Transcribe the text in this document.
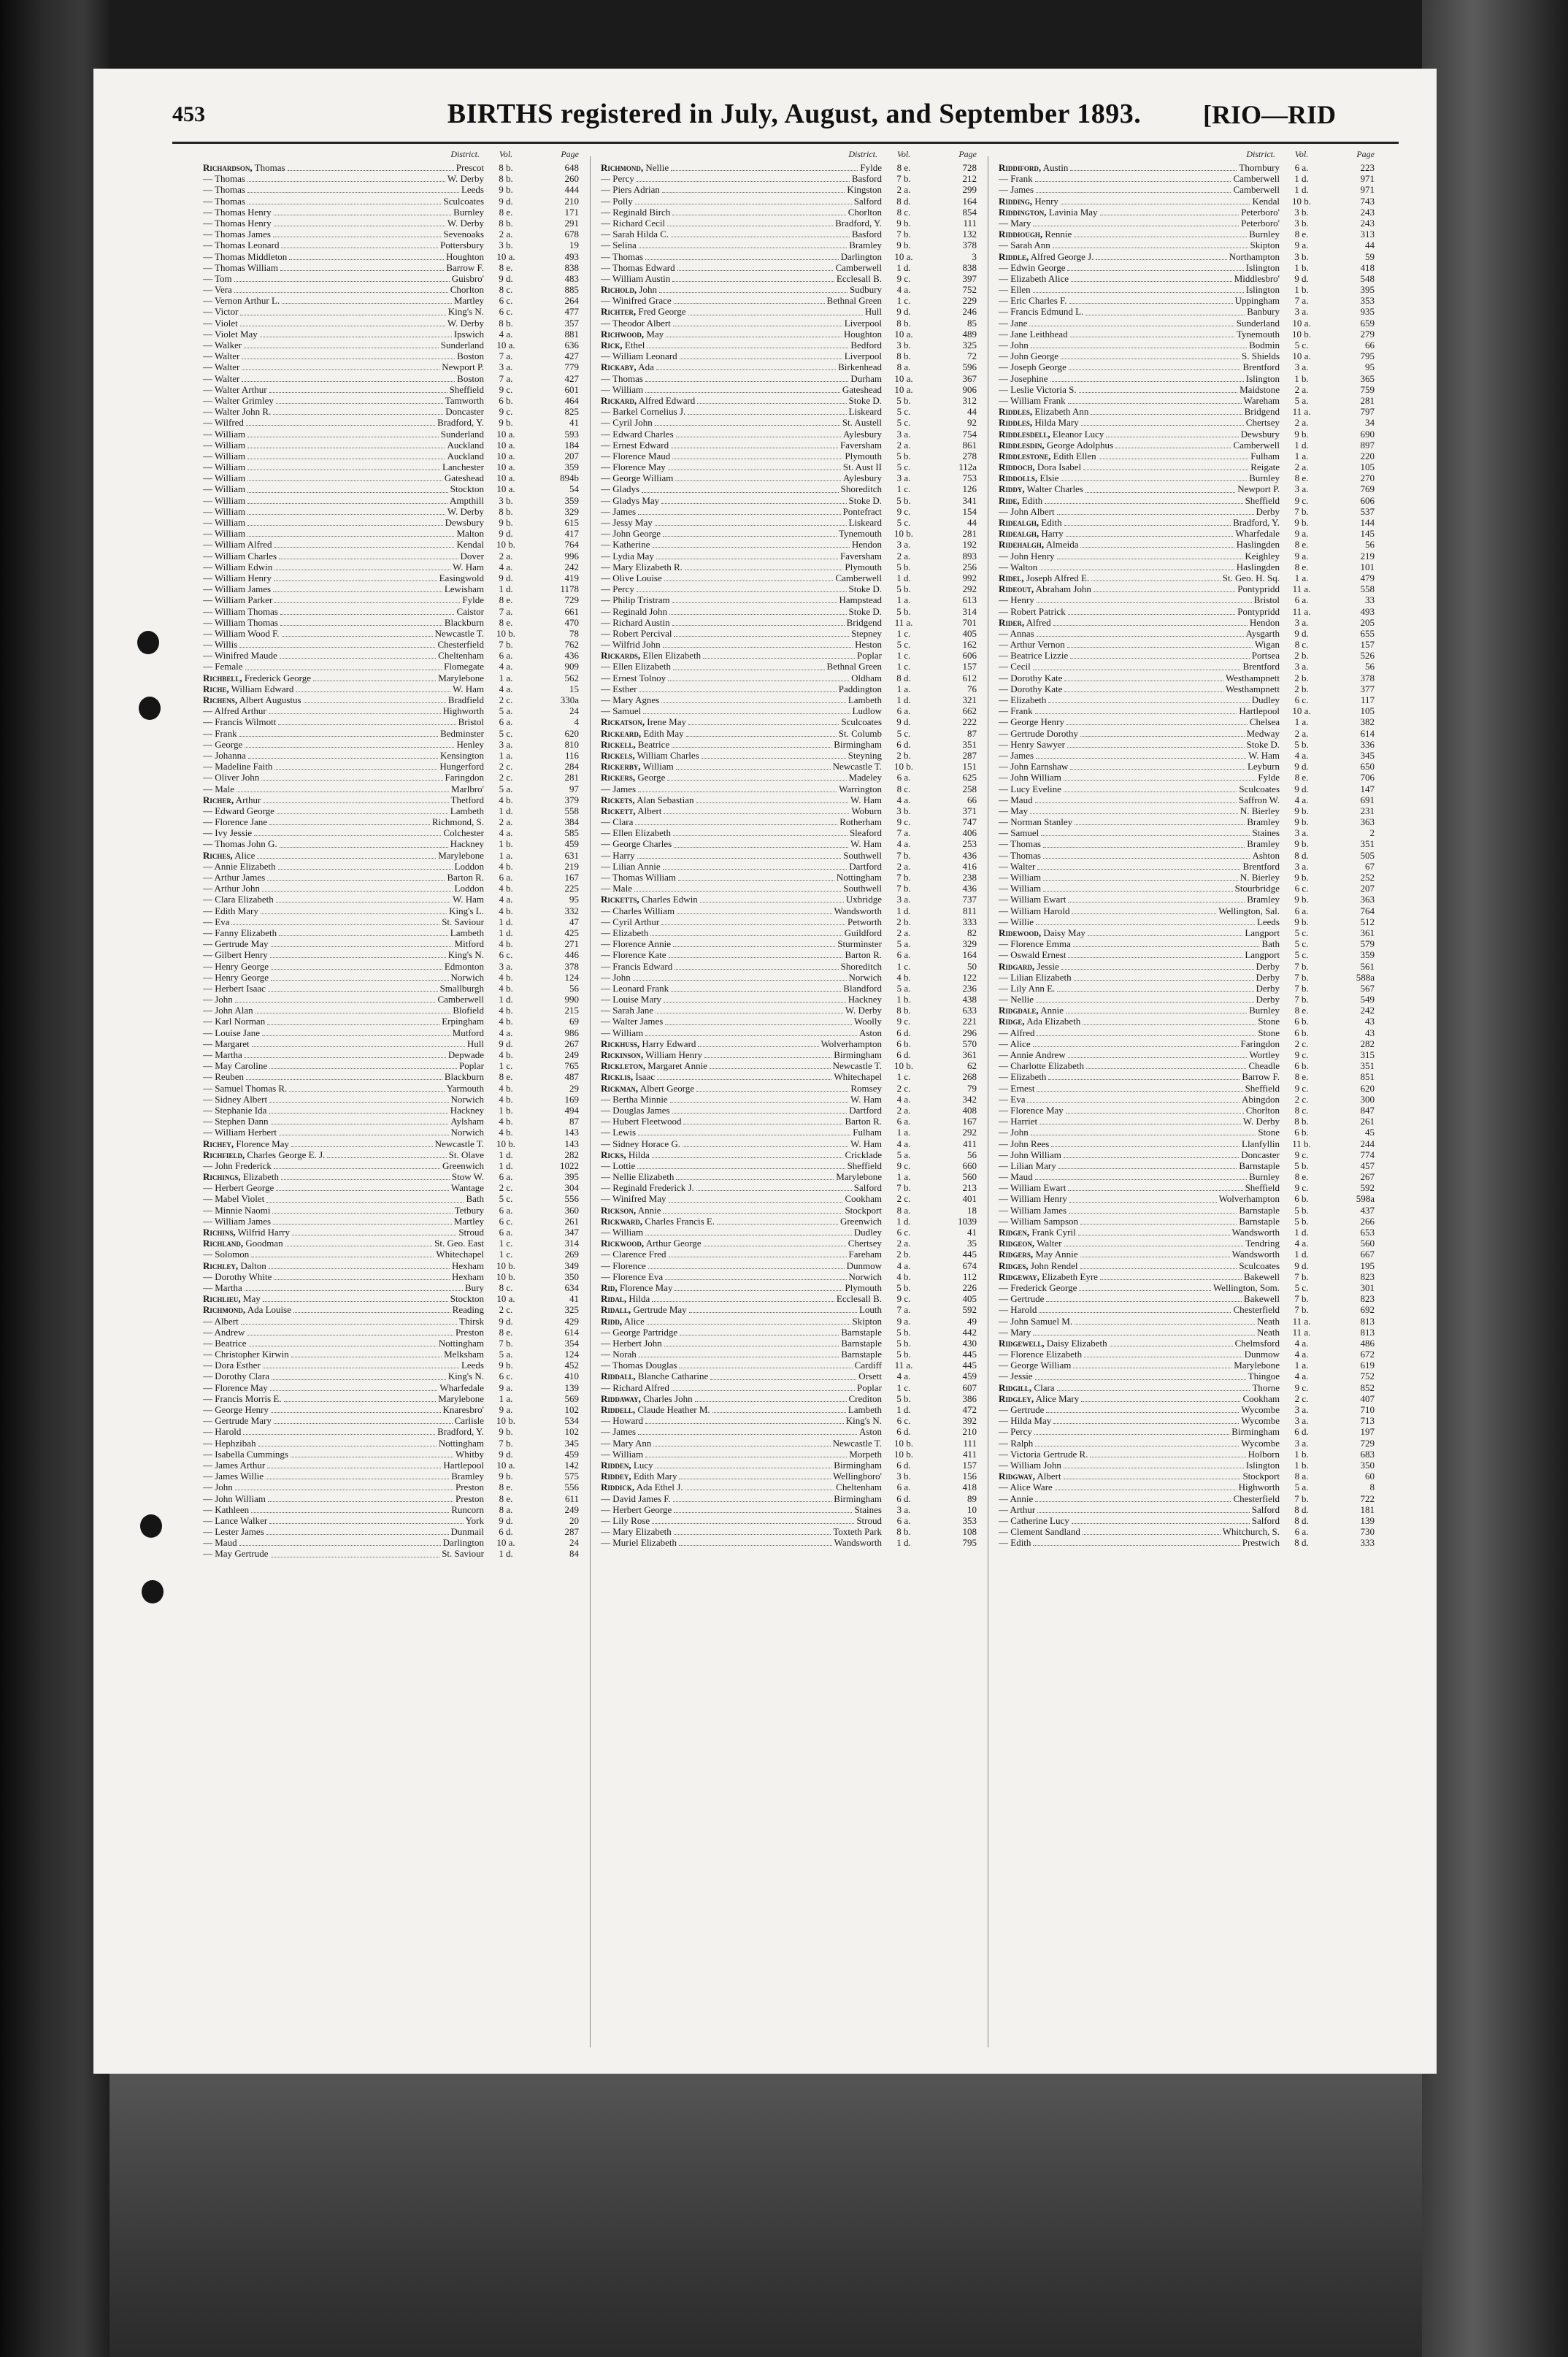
453	BIRTHS registered in July, August, and September 1893.	[RIO—RID
District.	Vol.	Page
Richardson, Thomas	Prescot	8 b.	648
— Thomas	W. Derby	8 b.	260
— Thomas	Leeds	9 b.	444
— Thomas	Sculcoates	9 d.	210
— Thomas Henry	Burnley	8 e.	171
— Thomas Henry	W. Derby	8 b.	291
— Thomas James	Sevenoaks	2 a.	678
— Thomas Leonard	Pottersbury	3 b.	19
— Thomas Middleton	Houghton	10 a.	493
— Thomas William	Barrow F.	8 e.	838
— Tom	Guisbro'	9 d.	483
— Vera	Chorlton	8 c.	885
— Vernon Arthur L.	Martley	6 c.	264
— Victor	King's N.	6 c.	477
— Violet	W. Derby	8 b.	357
— Violet May	Ipswich	4 a.	881
— Walker	Sunderland	10 a.	636
— Walter	Boston	7 a.	427
— Walter	Newport P.	3 a.	779
— Walter	Boston	7 a.	427
— Walter Arthur	Sheffield	9 c.	601
— Walter Grimley	Tamworth	6 b.	464
— Walter John R.	Doncaster	9 c.	825
— Wilfred	Bradford, Y.	9 b.	41
— William	Sunderland	10 a.	593
— William	Auckland	10 a.	184
— William	Auckland	10 a.	207
— William	Lanchester	10 a.	359
— William	Gateshead	10 a.	894b
— William	Stockton	10 a.	54
— William	Ampthill	3 b.	359
— William	W. Derby	8 b.	329
— William	Dewsbury	9 b.	615
— William	Malton	9 d.	417
— William Alfred	Kendal	10 b.	764
— William Charles	Dover	2 a.	996
— William Edwin	W. Ham	4 a.	242
— William Henry	Easingwold	9 d.	419
— William James	Lewisham	1 d.	1178
— William Parker	Fylde	8 e.	729
— William Thomas	Caistor	7 a.	661
— William Thomas	Blackburn	8 e.	470
— William Wood F.	Newcastle T.	10 b.	78
— Willis	Chesterfield	7 b.	762
— Winifred Maude	Cheltenham	6 a.	436
— Female	Flomegate	4 a.	909
Richbell, Frederick George	Marylebone	1 a.	562
Riche, William Edward	W. Ham	4 a.	15
Richens, Albert Augustus	Bradfield	2 c.	330a
— Alfred Arthur	Highworth	5 a.	24
— Francis Wilmott	Bristol	6 a.	4
— Frank	Bedminster	5 c.	620
— George	Henley	3 a.	810
— Johanna	Kensington	1 a.	116
— Madeline Faith	Hungerford	2 c.	284
— Oliver John	Faringdon	2 c.	281
— Male	Marlbro'	5 a.	97
Richer, Arthur	Thetford	4 b.	379
— Edward George	Lambeth	1 d.	558
— Florence Jane	Richmond, S.	2 a.	384
— Ivy Jessie	Colchester	4 a.	585
— Thomas John G.	Hackney	1 b.	459
Riches, Alice	Marylebone	1 a.	631
— Annie Elizabeth	Loddon	4 b.	219
— Arthur James	Barton R.	6 a.	167
— Arthur John	Loddon	4 b.	225
— Clara Elizabeth	W. Ham	4 a.	95
— Edith Mary	King's L.	4 b.	332
— Eva	St. Saviour	1 d.	47
— Fanny Elizabeth	Lambeth	1 d.	425
— Gertrude May	Mitford	4 b.	271
— Gilbert Henry	King's N.	6 c.	446
— Henry George	Edmonton	3 a.	378
— Henry George	Norwich	4 b.	124
— Herbert Isaac	Smallburgh	4 b.	56
— John	Camberwell	1 d.	990
— John Alan	Blofield	4 b.	215
— Karl Norman	Erpingham	4 b.	69
— Louise Jane	Mutford	4 a.	986
— Margaret	Hull	9 d.	267
— Martha	Depwade	4 b.	249
— May Caroline	Poplar	1 c.	765
— Reuben	Blackburn	8 e.	487
— Samuel Thomas R.	Yarmouth	4 b.	29
— Sidney Albert	Norwich	4 b.	169
— Stephanie Ida	Hackney	1 b.	494
— Stephen Dann	Aylsham	4 b.	87
— William Herbert	Norwich	4 b.	143
Richey, Florence May	Newcastle T.	10 b.	143
Richfield, Charles George E. J.	St. Olave	1 d.	282
— John Frederick	Greenwich	1 d.	1022
Richings, Elizabeth	Stow W.	6 a.	395
— Herbert George	Wantage	2 c.	304
— Mabel Violet	Bath	5 c.	556
— Minnie Naomi	Tetbury	6 a.	360
— William James	Martley	6 c.	261
Richins, Wilfrid Harry	Stroud	6 a.	347
Richland, Goodman	St. Geo. East	1 c.	314
— Solomon	Whitechapel	1 c.	269
Richley, Dalton	Hexham	10 b.	349
— Dorothy White	Hexham	10 b.	350
— Martha	Bury	8 c.	634
Richlieu, May	Stockton	10 a.	41
Richmond, Ada Louise	Reading	2 c.	325
— Albert	Thirsk	9 d.	429
— Andrew	Preston	8 e.	614
— Beatrice	Nottingham	7 b.	354
— Christopher Kirwin	Melksham	5 a.	124
— Dora Esther	Leeds	9 b.	452
— Dorothy Clara	King's N.	6 c.	410
— Florence May	Wharfedale	9 a.	139
— Francis Morris E.	Marylebone	1 a.	569
— George Henry	Knaresbro'	9 a.	102
— Gertrude Mary	Carlisle	10 b.	534
— Harold	Bradford, Y.	9 b.	102
— Hephzibah	Nottingham	7 b.	345
— Isabella Cummings	Whitby	9 d.	459
— James Arthur	Hartlepool	10 a.	142
— James Willie	Bramley	9 b.	575
— John	Preston	8 e.	556
— John William	Preston	8 e.	611
— Kathleen	Runcorn	8 a.	249
— Lance Walker	York	9 d.	20
— Lester James	Dunmail	6 d.	287
— Maud	Darlington	10 a.	24
— May Gertrude	St. Saviour	1 d.	84
District.	Vol.	Page
Richmond, Nellie	Fylde	8 e.	728
— Percy	Basford	7 b.	212
— Piers Adrian	Kingston	2 a.	299
— Polly	Salford	8 d.	164
— Reginald Birch	Chorlton	8 c.	854
— Richard Cecil	Bradford, Y.	9 b.	111
— Sarah Hilda C.	Basford	7 b.	132
— Selina	Bramley	9 b.	378
— Thomas	Darlington	10 a.	3
— Thomas Edward	Camberwell	1 d.	838
— William Austin	Ecclesall B.	9 c.	397
Richold, John	Sudbury	4 a.	752
— Winifred Grace	Bethnal Green	1 c.	229
Richter, Fred George	Hull	9 d.	246
— Theodor Albert	Liverpool	8 b.	85
Richwood, May	Houghton	10 a.	489
Rick, Ethel	Bedford	3 b.	325
— William Leonard	Liverpool	8 b.	72
Rickaby, Ada	Birkenhead	8 a.	596
— Thomas	Durham	10 a.	367
— William	Gateshead	10 a.	906
Rickard, Alfred Edward	Stoke D.	5 b.	312
— Barkel Cornelius J.	Liskeard	5 c.	44
— Cyril John	St. Austell	5 c.	92
— Edward Charles	Aylesbury	3 a.	754
— Ernest Edward	Faversham	2 a.	861
— Florence Maud	Plymouth	5 b.	278
— Florence May	St. Aust II	5 c.	112a
— George William	Aylesbury	3 a.	753
— Gladys	Shoreditch	1 c.	126
— Gladys May	Stoke D.	5 b.	341
— James	Pontefract	9 c.	154
— Jessy May	Liskeard	5 c.	44
— John George	Tynemouth	10 b.	281
— Katherine	Hendon	3 a.	192
— Lydia May	Faversham	2 a.	893
— Mary Elizabeth R.	Plymouth	5 b.	256
— Olive Louise	Camberwell	1 d.	992
— Percy	Stoke D.	5 b.	292
— Philip Tristram	Hampstead	1 a.	613
— Reginald John	Stoke D.	5 b.	314
— Richard Austin	Bridgend	11 a.	701
— Robert Percival	Stepney	1 c.	405
— Wilfrid John	Heston	5 c.	162
Rickards, Ellen Elizabeth	Poplar	1 c.	606
— Ellen Elizabeth	Bethnal Green	1 c.	157
— Ernest Tolnoy	Oldham	8 d.	612
— Esther	Paddington	1 a.	76
— Mary Agnes	Lambeth	1 d.	321
— Samuel	Ludlow	6 a.	662
Rickatson, Irene May	Sculcoates	9 d.	222
Rickeard, Edith May	St. Columb	5 c.	87
Rickell, Beatrice	Birmingham	6 d.	351
Rickels, William Charles	Steyning	2 b.	287
Rickerby, William	Newcastle T.	10 b.	151
Rickers, George	Madeley	6 a.	625
— James	Warrington	8 c.	258
Rickets, Alan Sebastian	W. Ham	4 a.	66
Rickett, Albert	Woburn	3 b.	371
— Clara	Rotherham	9 c.	747
— Ellen Elizabeth	Sleaford	7 a.	406
— George Charles	W. Ham	4 a.	253
— Harry	Southwell	7 b.	436
— Lilian Annie	Dartford	2 a.	416
— Thomas William	Nottingham	7 b.	238
— Male	Southwell	7 b.	436
Ricketts, Charles Edwin	Uxbridge	3 a.	737
— Charles William	Wandsworth	1 d.	811
— Cyril Arthur	Petworth	2 b.	333
— Elizabeth	Guildford	2 a.	82
— Florence Annie	Sturminster	5 a.	329
— Florence Kate	Barton R.	6 a.	164
— Francis Edward	Shoreditch	1 c.	50
— John	Norwich	4 b.	122
— Leonard Frank	Blandford	5 a.	236
— Louise Mary	Hackney	1 b.	438
— Sarah Jane	W. Derby	8 b.	633
— Walter James	Woolly	9 c.	221
— William	Aston	6 d.	296
Rickhuss, Harry Edward	Wolverhampton	6 b.	570
Rickinson, William Henry	Birmingham	6 d.	361
Rickleton, Margaret Annie	Newcastle T.	10 b.	62
Ricklis, Isaac	Whitechapel	1 c.	268
Rickman, Albert George	Romsey	2 c.	79
— Bertha Minnie	W. Ham	4 a.	342
— Douglas James	Dartford	2 a.	408
— Hubert Fleetwood	Barton R.	6 a.	167
— Lewis	Fulham	1 a.	292
— Sidney Horace G.	W. Ham	4 a.	411
Ricks, Hilda	Cricklade	5 a.	56
— Lottie	Sheffield	9 c.	660
— Nellie Elizabeth	Marylebone	1 a.	560
— Reginald Frederick J.	Salford	7 b.	213
— Winifred May	Cookham	2 c.	401
Rickson, Annie	Stockport	8 a.	18
Rickward, Charles Francis E.	Greenwich	1 d.	1039
— William	Dudley	6 c.	41
Rickwood, Arthur George	Chertsey	2 a.	35
— Clarence Fred	Fareham	2 b.	445
— Florence	Dunmow	4 a.	674
— Florence Eva	Norwich	4 b.	112
Rid, Florence May	Plymouth	5 b.	226
Ridal, Hilda	Ecclesall B.	9 c.	405
Ridall, Gertrude May	Louth	7 a.	592
Ridd, Alice	Skipton	9 a.	49
— George Partridge	Barnstaple	5 b.	442
— Herbert John	Barnstaple	5 b.	430
— Norah	Barnstaple	5 b.	445
— Thomas Douglas	Cardiff	11 a.	445
Riddall, Blanche Catharine	Orsett	4 a.	459
— Richard Alfred	Poplar	1 c.	607
Riddaway, Charles John	Crediton	5 b.	386
Riddell, Claude Heather M.	Lambeth	1 d.	472
— Howard	King's N.	6 c.	392
— James	Aston	6 d.	210
— Mary Ann	Newcastle T.	10 b.	111
— William	Morpeth	10 b.	411
Ridden, Lucy	Birmingham	6 d.	157
Riddey, Edith Mary	Wellingboro'	3 b.	156
Riddick, Ada Ethel J.	Cheltenham	6 a.	418
— David James F.	Birmingham	6 d.	89
— Herbert George	Staines	3 a.	10
— Lily Rose	Stroud	6 a.	353
— Mary Elizabeth	Toxteth Park	8 b.	108
— Muriel Elizabeth	Wandsworth	1 d.	795
District.	Vol.	Page
Riddiford, Austin	Thornbury	6 a.	223
— Frank	Camberwell	1 d.	971
— James	Camberwell	1 d.	971
Ridding, Henry	Kendal	10 b.	743
Riddington, Lavinia May	Peterboro'	3 b.	243
— Mary	Peterboro'	3 b.	243
Riddiough, Rennie	Burnley	8 e.	313
— Sarah Ann	Skipton	9 a.	44
Riddle, Alfred George J.	Northampton	3 b.	59
— Edwin George	Islington	1 b.	418
— Elizabeth Alice	Middlesbro'	9 d.	548
— Ellen	Islington	1 b.	395
— Eric Charles F.	Uppingham	7 a.	353
— Francis Edmund L.	Banbury	3 a.	935
— Jane	Sunderland	10 a.	659
— Jane Leithhead	Tynemouth	10 b.	279
— John	Bodmin	5 c.	66
— John George	S. Shields	10 a.	795
— Joseph George	Brentford	3 a.	95
— Josephine	Islington	1 b.	365
— Leslie Victoria S.	Maidstone	2 a.	759
— William Frank	Wareham	5 a.	281
Riddles, Elizabeth Ann	Bridgend	11 a.	797
Riddles, Hilda Mary	Chertsey	2 a.	34
Riddlesdell, Eleanor Lucy	Dewsbury	9 b.	690
Riddlesdin, George Adolphus	Camberwell	1 d.	897
Riddlestone, Edith Ellen	Fulham	1 a.	220
Riddoch, Dora Isabel	Reigate	2 a.	105
Riddolls, Elsie	Burnley	8 e.	270
Riddy, Walter Charles	Newport P.	3 a.	769
Ride, Edith	Sheffield	9 c.	606
— John Albert	Derby	7 b.	537
Ridealgh, Edith	Bradford, Y.	9 b.	144
Ridealgh, Harry	Wharfedale	9 a.	145
Ridehalgh, Almeida	Haslingden	8 e.	56
— John Henry	Keighley	9 a.	219
— Walton	Haslingden	8 e.	101
Ridel, Joseph Alfred E.	St. Geo. H. Sq.	1 a.	479
Rideout, Abraham John	Pontypridd	11 a.	558
— Henry	Bristol	6 a.	33
— Robert Patrick	Pontypridd	11 a.	493
Rider, Alfred	Hendon	3 a.	205
— Annas	Aysgarth	9 d.	655
— Arthur Vernon	Wigan	8 c.	157
— Beatrice Lizzie	Portsea	2 b.	526
— Cecil	Brentford	3 a.	56
— Dorothy Kate	Westhampnett	2 b.	378
— Dorothy Kate	Westhampnett	2 b.	377
— Elizabeth	Dudley	6 c.	117
— Frank	Hartlepool	10 a.	105
— George Henry	Chelsea	1 a.	382
— Gertrude Dorothy	Medway	2 a.	614
— Henry Sawyer	Stoke D.	5 b.	336
— James	W. Ham	4 a.	345
— John Earnshaw	Leyburn	9 d.	650
— John William	Fylde	8 e.	706
— Lucy Eveline	Sculcoates	9 d.	147
— Maud	Saffron W.	4 a.	691
— May	N. Bierley	9 b.	231
— Norman Stanley	Bramley	9 b.	363
— Samuel	Staines	3 a.	2
— Thomas	Bramley	9 b.	351
— Thomas	Ashton	8 d.	505
— Walter	Brentford	3 a.	67
— William	N. Bierley	9 b.	252
— William	Stourbridge	6 c.	207
— William Ewart	Bramley	9 b.	363
— William Harold	Wellington, Sal.	6 a.	764
— Willie	Leeds	9 b.	512
Ridewood, Daisy May	Langport	5 c.	361
— Florence Emma	Bath	5 c.	579
— Oswald Ernest	Langport	5 c.	359
Ridgard, Jessie	Derby	7 b.	561
— Lilian Elizabeth	Derby	7 b.	588a
— Lily Ann E.	Derby	7 b.	567
— Nellie	Derby	7 b.	549
Ridgdale, Annie	Burnley	8 e.	242
Ridge, Ada Elizabeth	Stone	6 b.	43
— Alfred	Stone	6 b.	43
— Alice	Faringdon	2 c.	282
— Annie Andrew	Wortley	9 c.	315
— Charlotte Elizabeth	Cheadle	6 b.	351
— Elizabeth	Barrow F.	8 e.	851
— Ernest	Sheffield	9 c.	620
— Eva	Abingdon	2 c.	300
— Florence May	Chorlton	8 c.	847
— Harriet	W. Derby	8 b.	261
— John	Stone	6 b.	45
— John Rees	Llanfyllin	11 b.	244
— John William	Doncaster	9 c.	774
— Lilian Mary	Barnstaple	5 b.	457
— Maud	Burnley	8 e.	267
— William Ewart	Sheffield	9 c.	592
— William Henry	Wolverhampton	6 b.	598a
— William James	Barnstaple	5 b.	437
— William Sampson	Barnstaple	5 b.	266
Ridgen, Frank Cyril	Wandsworth	1 d.	653
Ridgeon, Walter	Tendring	4 a.	560
Ridgers, May Annie	Wandsworth	1 d.	667
Ridges, John Rendel	Sculcoates	9 d.	195
Ridgeway, Elizabeth Eyre	Bakewell	7 b.	823
— Frederick George	Wellington, Som.	5 c.	301
— Gertrude	Bakewell	7 b.	823
— Harold	Chesterfield	7 b.	692
— John Samuel M.	Neath	11 a.	813
— Mary	Neath	11 a.	813
Ridgewell, Daisy Elizabeth	Chelmsford	4 a.	486
— Florence Elizabeth	Dunmow	4 a.	672
— George William	Marylebone	1 a.	619
— Jessie	Thingoe	4 a.	752
Ridgill, Clara	Thorne	9 c.	852
Ridgley, Alice Mary	Cookham	2 c.	407
— Gertrude	Wycombe	3 a.	710
— Hilda May	Wycombe	3 a.	713
— Percy	Birmingham	6 d.	197
— Ralph	Wycombe	3 a.	729
— Victoria Gertrude R.	Holborn	1 b.	683
— William John	Islington	1 b.	350
Ridgway, Albert	Stockport	8 a.	60
— Alice Ware	Highworth	5 a.	8
— Annie	Chesterfield	7 b.	722
— Arthur	Salford	8 d.	181
— Catherine Lucy	Salford	8 d.	139
— Clement Sandland	Whitchurch, S.	6 a.	730
— Edith	Prestwich	8 d.	333
